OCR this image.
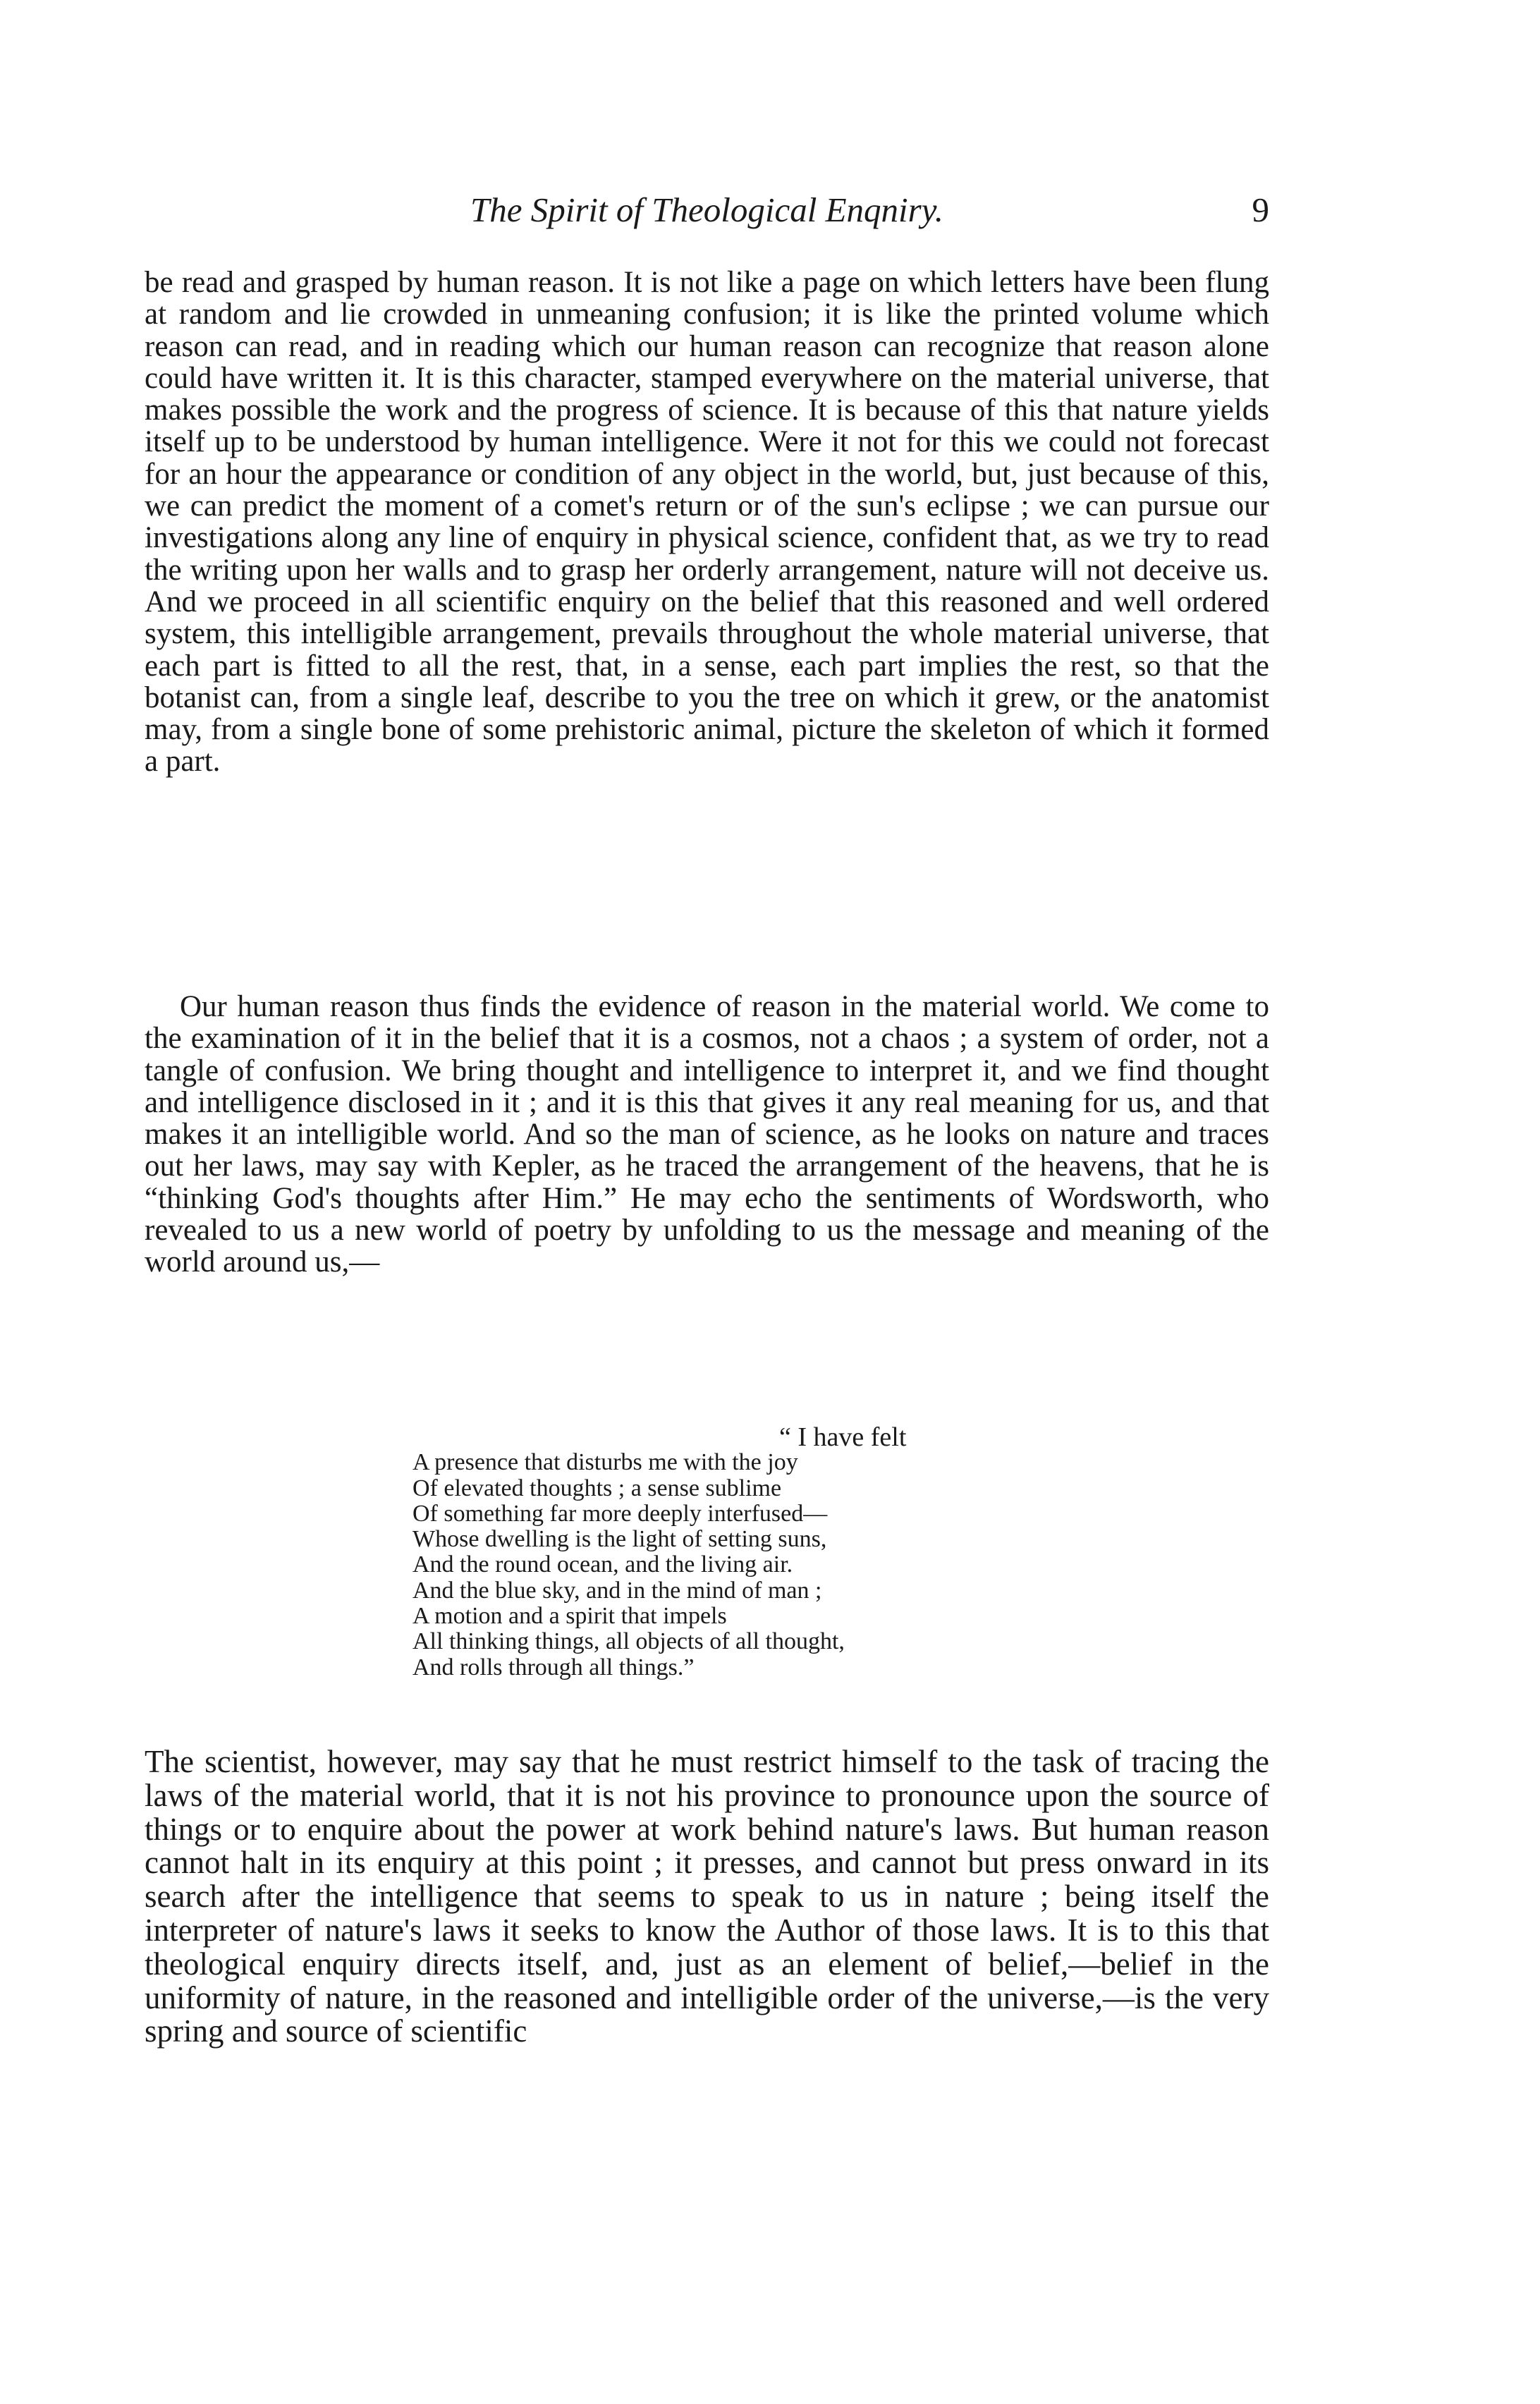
The Spirit of Theological Enqniry.	9

be read and grasped by human reason. It is not like a page on which letters have been flung at random and lie crowded in unmeaning confusion; it is like the printed volume which reason can read, and in reading which our human reason can recognize that reason alone could have written it. It is this character, stamped everywhere on the material universe, that makes possible the work and the progress of science. It is because of this that nature yields itself up to be understood by human intelligence. Were it not for this we could not forecast for an hour the appearance or condition of any object in the world, but, just because of this, we can predict the moment of a comet's return or of the sun's eclipse ; we can pursue our investigations along any line of enquiry in physical science, confident that, as we try to read the writing upon her walls and to grasp her orderly arrangement, nature will not deceive us. And we proceed in all scientific enquiry on the belief that this reasoned and well ordered system, this intelligible arrangement, prevails throughout the whole material universe, that each part is fitted to all the rest, that, in a sense, each part implies the rest, so that the botanist can, from a single leaf, describe to you the tree on which it grew, or the anatomist may, from a single bone of some prehistoric animal, picture the skeleton of which it formed a part.

Our human reason thus finds the evidence of reason in the material world. We come to the examination of it in the belief that it is a cosmos, not a chaos ; a system of order, not a tangle of confusion. We bring thought and intelligence to interpret it, and we find thought and intelligence disclosed in it ; and it is this that gives it any real meaning for us, and that makes it an intelligible world. And so the man of science, as he looks on nature and traces out her laws, may say with Kepler, as he traced the arrangement of the heavens, that he is “thinking God's thoughts after Him.” He may echo the sentiments of Wordsworth, who revealed to us a new world of poetry by unfolding to us the message and meaning of the world around us,—

“ I have felt
A presence that disturbs me with the joy
Of elevated thoughts ; a sense sublime
Of something far more deeply interfused—
Whose dwelling is the light of setting suns,
And the round ocean, and the living air.
And the blue sky, and in the mind of man ;
A motion and a spirit that impels
All thinking things, all objects of all thought,
And rolls through all things.”

The scientist, however, may say that he must restrict himself to the task of tracing the laws of the material world, that it is not his province to pronounce upon the source of things or to enquire about the power at work behind nature's laws. But human reason cannot halt in its enquiry at this point ; it presses, and cannot but press onward in its search after the intelligence that seems to speak to us in nature ; being itself the interpreter of nature's laws it seeks to know the Author of those laws. It is to this that theological enquiry directs itself, and, just as an element of belief,—belief in the uniformity of nature, in the reasoned and intelligible order of the universe,—is the very spring and source of scientific
